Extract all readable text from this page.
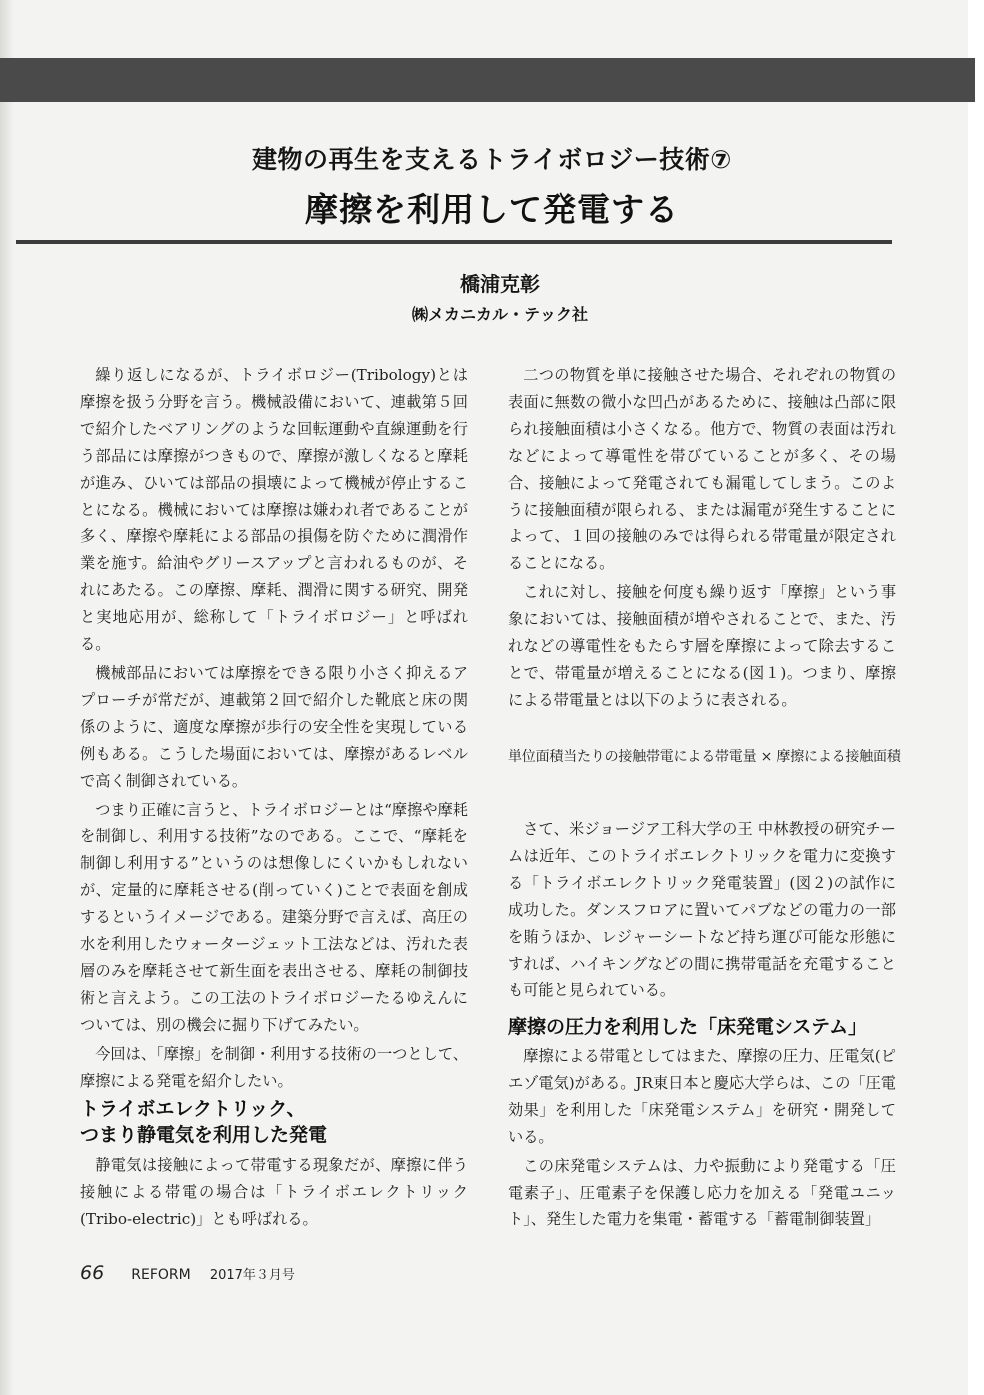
建物の再生を支えるトライボロジー技術⑦
摩擦を利用して発電する
橋浦克彰
㈱メカニカル・テック社

繰り返しになるが、トライボロジー(Tribology)とは摩擦を扱う分野を言う。機械設備において、連載第５回で紹介したベアリングのような回転運動や直線運動を行う部品には摩擦がつきもので、摩擦が激しくなると摩耗が進み、ひいては部品の損壊によって機械が停止することになる。機械においては摩擦は嫌われ者であることが多く、摩擦や摩耗による部品の損傷を防ぐために潤滑作業を施す。給油やグリースアップと言われるものが、それにあたる。この摩擦、摩耗、潤滑に関する研究、開発と実地応用が、総称して「トライボロジー」と呼ばれる。

機械部品においては摩擦をできる限り小さく抑えるアプローチが常だが、連載第２回で紹介した靴底と床の関係のように、適度な摩擦が歩行の安全性を実現している例もある。こうした場面においては、摩擦があるレベルで高く制御されている。

つまり正確に言うと、トライボロジーとは“摩擦や摩耗を制御し、利用する技術”なのである。ここで、“摩耗を制御し利用する”というのは想像しにくいかもしれないが、定量的に摩耗させる(削っていく)ことで表面を創成するというイメージである。建築分野で言えば、高圧の水を利用したウォータージェット工法などは、汚れた表層のみを摩耗させて新生面を表出させる、摩耗の制御技術と言えよう。この工法のトライボロジーたるゆえんについては、別の機会に掘り下げてみたい。

今回は、「摩擦」を制御・利用する技術の一つとして、摩擦による発電を紹介したい。

トライボエレクトリック、
つまり静電気を利用した発電

静電気は接触によって帯電する現象だが、摩擦に伴う接触による帯電の場合は「トライボエレクトリック(Tribo-electric)」とも呼ばれる。

二つの物質を単に接触させた場合、それぞれの物質の表面に無数の微小な凹凸があるために、接触は凸部に限られ接触面積は小さくなる。他方で、物質の表面は汚れなどによって導電性を帯びていることが多く、その場合、接触によって発電されても漏電してしまう。このように接触面積が限られる、または漏電が発生することによって、１回の接触のみでは得られる帯電量が限定されることになる。

これに対し、接触を何度も繰り返す「摩擦」という事象においては、接触面積が増やされることで、また、汚れなどの導電性をもたらす層を摩擦によって除去することで、帯電量が増えることになる(図１)。つまり、摩擦による帯電量とは以下のように表される。

単位面積当たりの接触帯電による帯電量 × 摩擦による接触面積

さて、米ジョージア工科大学の王 中林教授の研究チームは近年、このトライボエレクトリックを電力に変換する「トライボエレクトリック発電装置」(図２)の試作に成功した。ダンスフロアに置いてパブなどの電力の一部を賄うほか、レジャーシートなど持ち運び可能な形態にすれば、ハイキングなどの間に携帯電話を充電することも可能と見られている。

摩擦の圧力を利用した「床発電システム」

摩擦による帯電としてはまた、摩擦の圧力、圧電気(ピエゾ電気)がある。JR東日本と慶応大学らは、この「圧電効果」を利用した「床発電システム」を研究・開発している。

この床発電システムは、力や振動により発電する「圧電素子」、圧電素子を保護し応力を加える「発電ユニット」、発生した電力を集電・蓄電する「蓄電制御装置」

66 REFORM 2017年３月号
